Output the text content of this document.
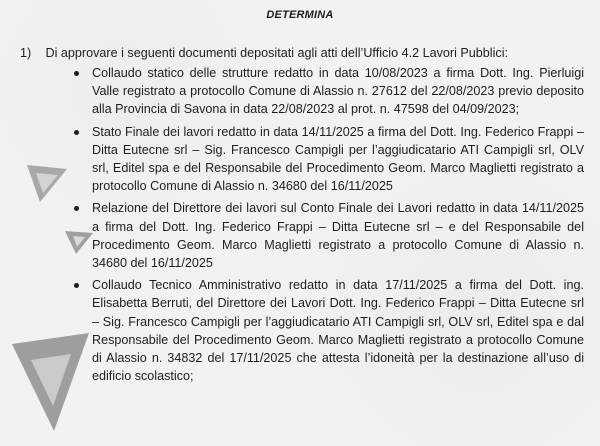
DETERMINA
1) Di approvare i seguenti documenti depositati agli atti dell’Ufficio 4.2 Lavori Pubblici:
Collaudo statico delle strutture redatto in data 10/08/2023 a firma Dott. Ing. Pierluigi Valle registrato a protocollo Comune di Alassio n. 27612 del 22/08/2023 previo deposito alla Provincia di Savona in data 22/08/2023 al prot. n. 47598 del 04/09/2023;
Stato Finale dei lavori redatto in data 14/11/2025 a firma del Dott. Ing. Federico Frappi – Ditta Eutecne srl – Sig. Francesco Campigli per l’aggiudicatario ATI Campigli srl, OLV srl, Editel spa e del Responsabile del Procedimento Geom. Marco Maglietti registrato a protocollo Comune di Alassio n. 34680 del 16/11/2025
Relazione del Direttore dei lavori sul Conto Finale dei Lavori redatto in data 14/11/2025 a firma del Dott. Ing. Federico Frappi – Ditta Eutecne srl – e del Responsabile del Procedimento Geom. Marco Maglietti registrato a protocollo Comune di Alassio n. 34680 del 16/11/2025
Collaudo Tecnico Amministrativo redatto in data 17/11/2025 a firma del Dott. ing. Elisabetta Berruti, del Direttore dei Lavori Dott. Ing. Federico Frappi – Ditta Eutecne srl – Sig. Francesco Campigli per l’aggiudicatario ATI Campigli srl, OLV srl, Editel spa e dal Responsabile del Procedimento Geom. Marco Maglietti registrato a protocollo Comune di Alassio n. 34832 del 17/11/2025 che attesta l’idoneità per la destinazione all’uso di edificio scolastico;
